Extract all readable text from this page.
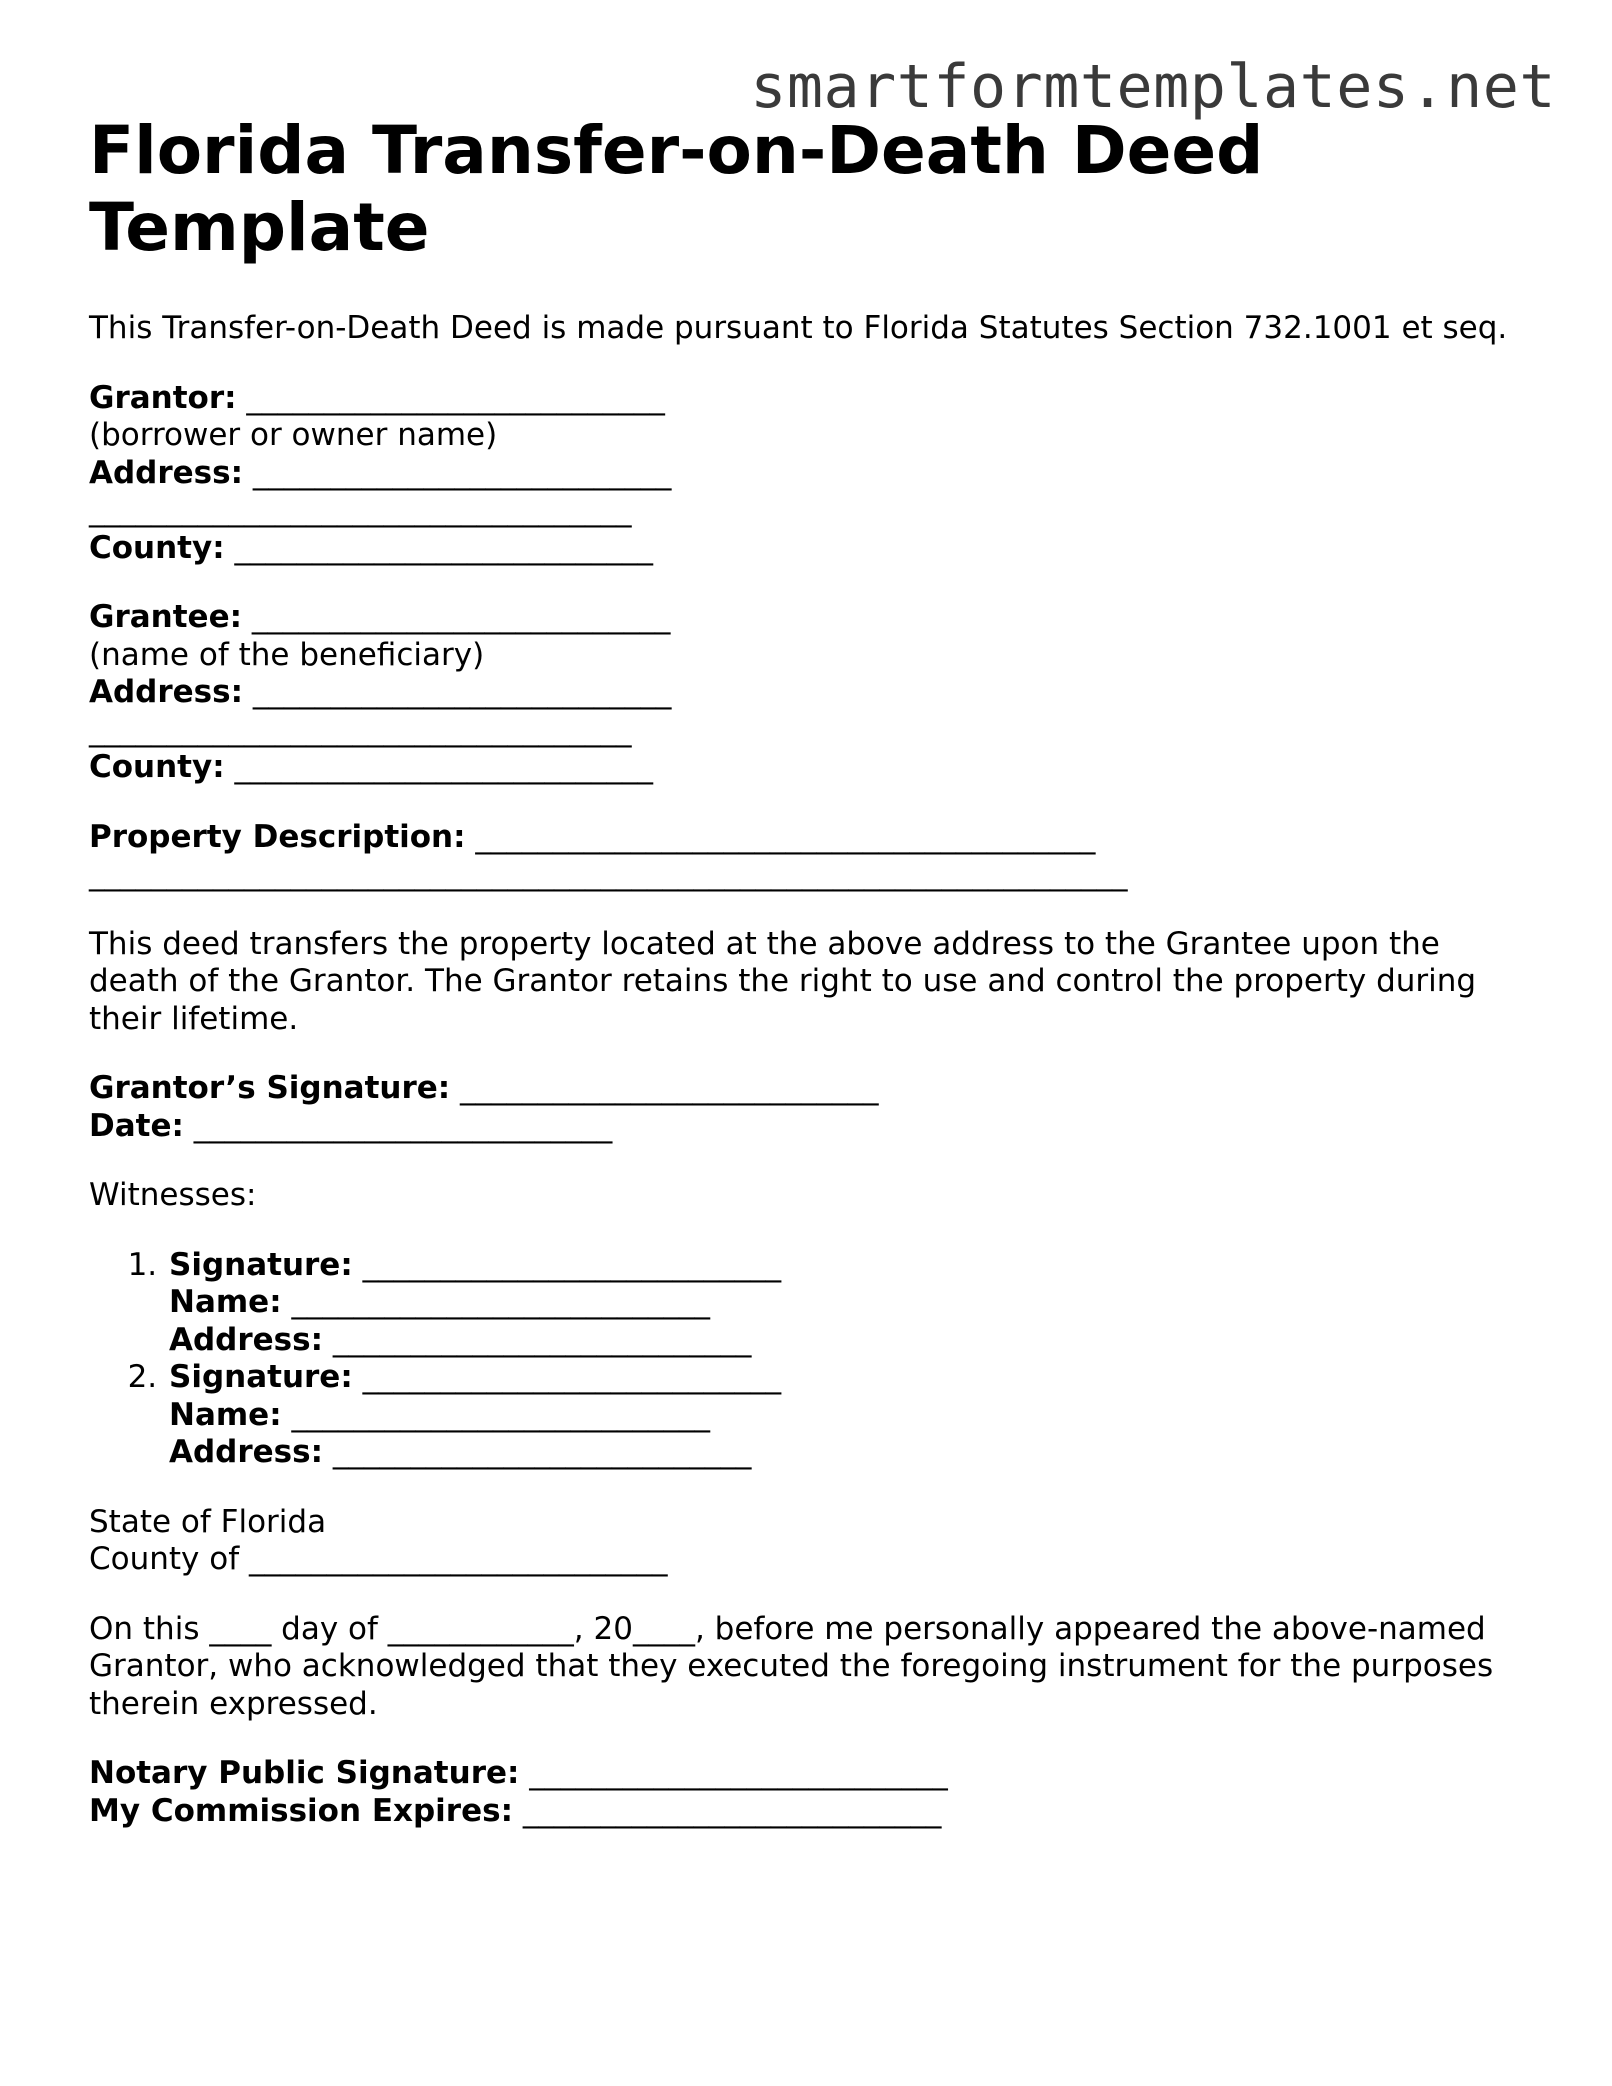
smartformtemplates.net
Florida Transfer-on-Death Deed Template

This Transfer-on-Death Deed is made pursuant to Florida Statutes Section 732.1001 et seq.

Grantor: ___________________________
(borrower or owner name)
Address: ___________________________
___________________________________
County: ___________________________
Grantee: ___________________________
(name of the beneficiary)
Address: ___________________________
___________________________________
County: ___________________________
Property Description: ________________________________________
___________________________________________________________________

This deed transfers the property located at the above address to the Grantee upon the death of the Grantor. The Grantor retains the right to use and control the property during their lifetime.

Grantor’s Signature: ___________________________
Date: ___________________________

Witnesses:

1. Signature: ___________________________
Name: ___________________________
Address: ___________________________
2. Signature: ___________________________
Name: ___________________________
Address: ___________________________
State of Florida
County of ___________________________

On this ____ day of ____________, 20____, before me personally appeared the above-named Grantor, who acknowledged that they executed the foregoing instrument for the purposes therein expressed.

Notary Public Signature: ___________________________
My Commission Expires: ___________________________
